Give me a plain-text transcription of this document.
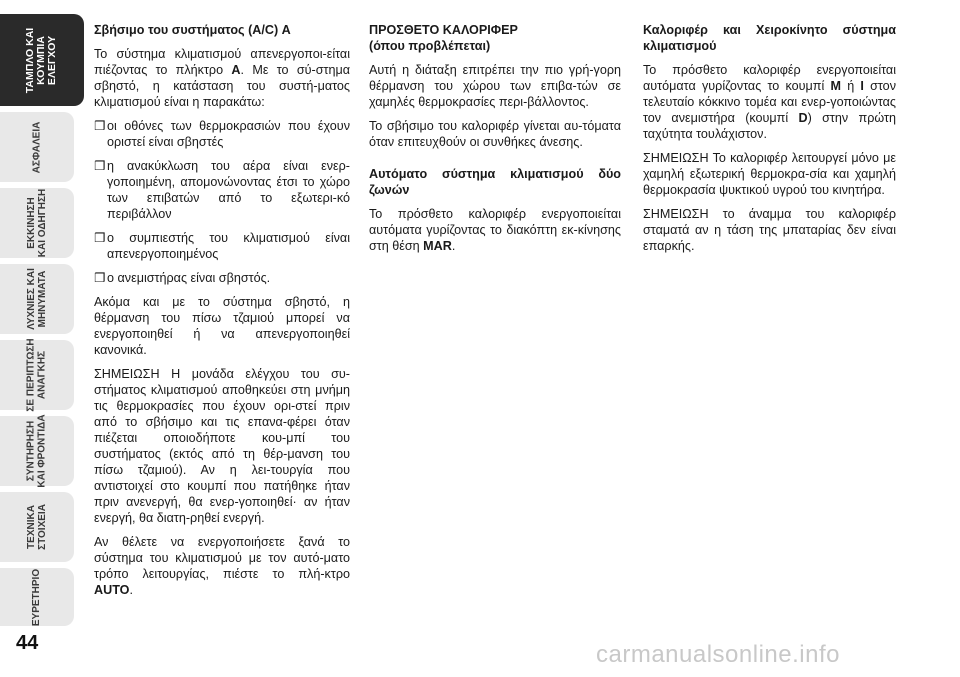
ΤΑΜΠΛΟ ΚΑΙ
ΚΟΥΜΠΙΑ
ΕΛΕΓΧΟΥ
ΑΣΦΑΛΕΙΑ
ΕΚΚΙΝΗΣΗ
ΚΑΙ ΟΔΗΓΗΣΗ
ΛΥΧΝΙΕΣ ΚΑΙ
ΜΗΝΥΜΑΤΑ
ΣΕ ΠΕΡΙΠΤΩΣΗ
ΑΝΑΓΚΗΣ
ΣΥΝΤΗΡΗΣΗ
ΚΑΙ ΦΡΟΝΤΙΔΑ
ΤΕΧΝΙΚΑ
ΣΤΟΙΧΕΙΑ
ΕΥΡΕΤΗΡΙΟ
44
Σβήσιμο του συστήματος (A/C) A

Το σύστημα κλιματισμού απενεργοποι-είται πιέζοντας το πλήκτρο A. Με το σύ-στημα σβηστό, η κατάσταση του συστή-ματος κλιματισμού είναι η παρακάτω:

❒ οι οθόνες των θερμοκρασιών που έχουν οριστεί είναι σβηστές
❒ η ανακύκλωση του αέρα είναι ενερ-γοποιημένη, απομονώνοντας έτσι το χώρο των επιβατών από το εξωτερι-κό περιβάλλον
❒ ο συμπιεστής του κλιματισμού είναι απενεργοποιημένος
❒ ο ανεμιστήρας είναι σβηστός.

Ακόμα και με το σύστημα σβηστό, η θέρμανση του πίσω τζαμιού μπορεί να ενεργοποιηθεί ή να απενεργοποιηθεί κανονικά.

ΣΗΜΕΙΩΣΗ Η μονάδα ελέγχου του συ-στήματος κλιματισμού αποθηκεύει στη μνήμη τις θερμοκρασίες που έχουν ορι-στεί πριν από το σβήσιμο και τις επανα-φέρει όταν πιέζεται οποιοδήποτε κου-μπί του συστήματος (εκτός από τη θέρ-μανση του πίσω τζαμιού). Αν η λει-τουργία που αντιστοιχεί στο κουμπί που πατήθηκε ήταν πριν ανενεργή, θα ενερ-γοποιηθεί· αν ήταν ενεργή, θα διατη-ρηθεί ενεργή.

Αν θέλετε να ενεργοποιήσετε ξανά το σύστημα του κλιματισμού με τον αυτό-ματο τρόπο λειτουργίας, πιέστε το πλή-κτρο AUTO.

ΠΡΟΣΘΕΤΟ ΚΑΛΟΡΙΦΕΡ
(όπου προβλέπεται)

Αυτή η διάταξη επιτρέπει την πιο γρή-γορη θέρμανση του χώρου των επιβα-τών σε χαμηλές θερμοκρασίες περι-βάλλοντος.

Το σβήσιμο του καλοριφέρ γίνεται αυ-τόματα όταν επιτευχθούν οι συνθήκες άνεσης.

Αυτόματο σύστημα κλιματισμού δύο ζωνών

Το πρόσθετο καλοριφέρ ενεργοποιείται αυτόματα γυρίζοντας το διακόπτη εκ-κίνησης στη θέση MAR.

Καλοριφέρ και Χειροκίνητο σύστημα κλιματισμού

Το πρόσθετο καλοριφέρ ενεργοποιείται αυτόματα γυρίζοντας το κουμπί M ή I στον τελευταίο κόκκινο τομέα και ενερ-γοποιώντας τον ανεμιστήρα (κουμπί D) στην πρώτη ταχύτητα τουλάχιστον.

ΣΗΜΕΙΩΣΗ Το καλοριφέρ λειτουργεί μόνο με χαμηλή εξωτερική θερμοκρα-σία και χαμηλή θερμοκρασία ψυκτικού υγρού του κινητήρα.

ΣΗΜΕΙΩΣΗ το άναμμα του καλοριφέρ σταματά αν η τάση της μπαταρίας δεν είναι επαρκής.

carmanualsonline.info
